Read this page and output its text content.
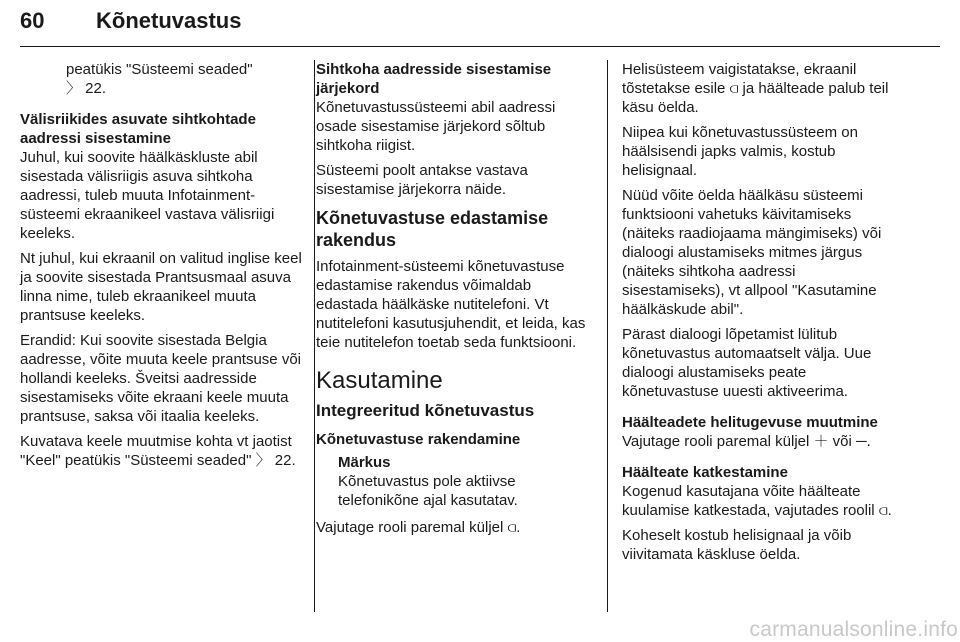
60 Kõnetuvastus

peatükis "Süsteemi seaded"
〉 22.

Välisriikides asuvate sihtkohtade aadressi sisestamine

Juhul, kui soovite häälkäskluste abil sisestada välisriigis asuva sihtkoha aadressi, tuleb muuta Infotainment-süsteemi ekraanikeel vastava välisriigi keeleks.

Nt juhul, kui ekraanil on valitud inglise keel ja soovite sisestada Prantsusmaal asuva linna nime, tuleb ekraanikeel muuta prantsuse keeleks.

Erandid: Kui soovite sisestada Belgia aadresse, võite muuta keele prantsuse või hollandi keeleks. Šveitsi aadresside sisestamiseks võite ekraani keele muuta prantsuse, saksa või itaalia keeleks.

Kuvatava keele muutmise kohta vt jaotist "Keel" peatükis "Süsteemi seaded" 〉 22.

Sihtkoha aadresside sisestamise järjekord

Kõnetuvastussüsteemi abil aadressi osade sisestamise järjekord sõltub sihtkoha riigist.

Süsteemi poolt antakse vastava sisestamise järjekorra näide.

Kõnetuvastuse edastamise rakendus

Infotainment-süsteemi kõnetuvastuse edastamise rakendus võimaldab edastada häälkäske nutitelefoni. Vt nutitelefoni kasutusjuhendit, et leida, kas teie nutitelefon toetab seda funktsiooni.

Kasutamine

Integreeritud kõnetuvastus

Kõnetuvastuse rakendamine

Märkus
Kõnetuvastus pole aktiivse telefonikõne ajal kasutatav.

Vajutage rooli paremal küljel ⫏.

Helisüsteem vaigistatakse, ekraanil tõstetakse esile ⫏ ja häälteade palub teil käsu öelda.

Niipea kui kõnetuvastussüsteem on häälsisendi japks valmis, kostub helisignaal.

Nüüd võite öelda häälkäsu süsteemi funktsiooni vahetuks käivitamiseks (näiteks raadiojaama mängimiseks) või dialoogi alustamiseks mitmes järgus (näiteks sihtkoha aadressi sisestamiseks), vt allpool "Kasutamine häälkäskude abil".

Pärast dialoogi lõpetamist lülitub kõnetuvastus automaatselt välja. Uue dialoogi alustamiseks peate kõnetuvastuse uuesti aktiveerima.

Häälteadete helitugevuse muutmine

Vajutage rooli paremal küljel ＋ või ─.

Häälteate katkestamine

Kogenud kasutajana võite häälteate kuulamise katkestada, vajutades roolil ⫏.

Koheselt kostub helisignaal ja võib viivitamata käskluse öelda.

carmanualsonline.info
